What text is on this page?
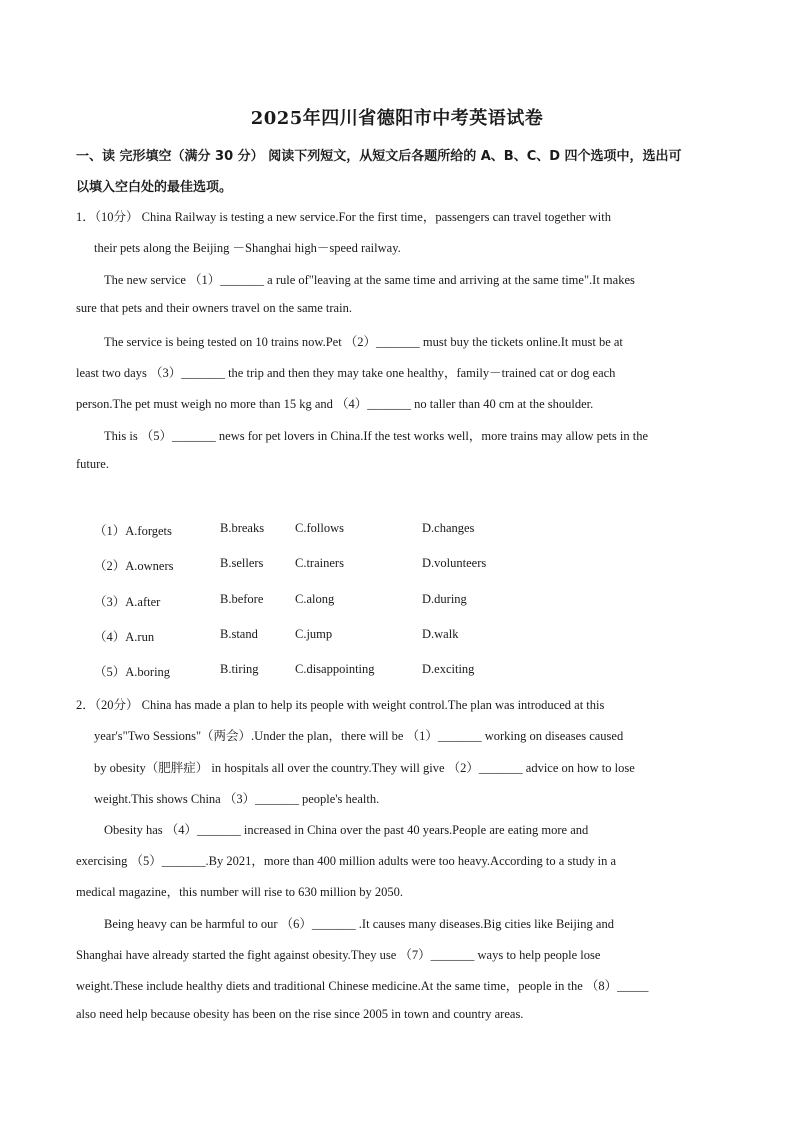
2025年四川省德阳市中考英语试卷
一、读 完形填空（满分 30 分） 阅读下列短文，从短文后各题所给的 A、B、C、D 四个选项中，选出可
以填入空白处的最佳选项。
1．（10分） China Railway is testing a new service.For the first time，passengers can travel together with
their pets along the Beijing －Shanghai high－speed railway.
The new service （1）_______ a rule of"leaving at the same time and arriving at the same time".It makes
sure that pets and their owners travel on the same train.
The service is being tested on 10 trains now.Pet （2）_______ must buy the tickets online.It must be at
least two days （3）_______ the trip and then they may take one healthy，family－trained cat or dog each
person.The pet must weigh no more than 15 kg and （4）_______ no taller than 40 cm at the shoulder.
This is （5）_______ news for pet lovers in China.If the test works well，more trains may allow pets in the
future.
（1）A.forgets	B.breaks C.follows	D.changes
（2）A.owners	B.sellers	C.trainers	D.volunteers
（3）A.after	B.before	C.along	D.during
（4）A.run	B.stand	C.jump	D.walk
（5）A.boring	B.tiring	C.disappointing	D.exciting
2．（20分） China has made a plan to help its people with weight control.The plan was introduced at this
year's"Two Sessions"（两会）.Under the plan，there will be （1）_______ working on diseases caused
by obesity（肥胖症） in hospitals all over the country.They will give （2）_______ advice on how to lose
weight.This shows China （3）_______ people's health.
Obesity has （4）_______ increased in China over the past 40 years.People are eating more and
exercising （5）_______.By 2021，more than 400 million adults were too heavy.According to a study in a
medical magazine，this number will rise to 630 million by 2050.
Being heavy can be harmful to our （6）_______ .It causes many diseases.Big cities like Beijing and
Shanghai have already started the fight against obesity.They use （7）_______ ways to help people lose
weight.These include healthy diets and traditional Chinese medicine.At the same time，people in the （8）_____
also need help because obesity has been on the rise since 2005 in town and country areas.
